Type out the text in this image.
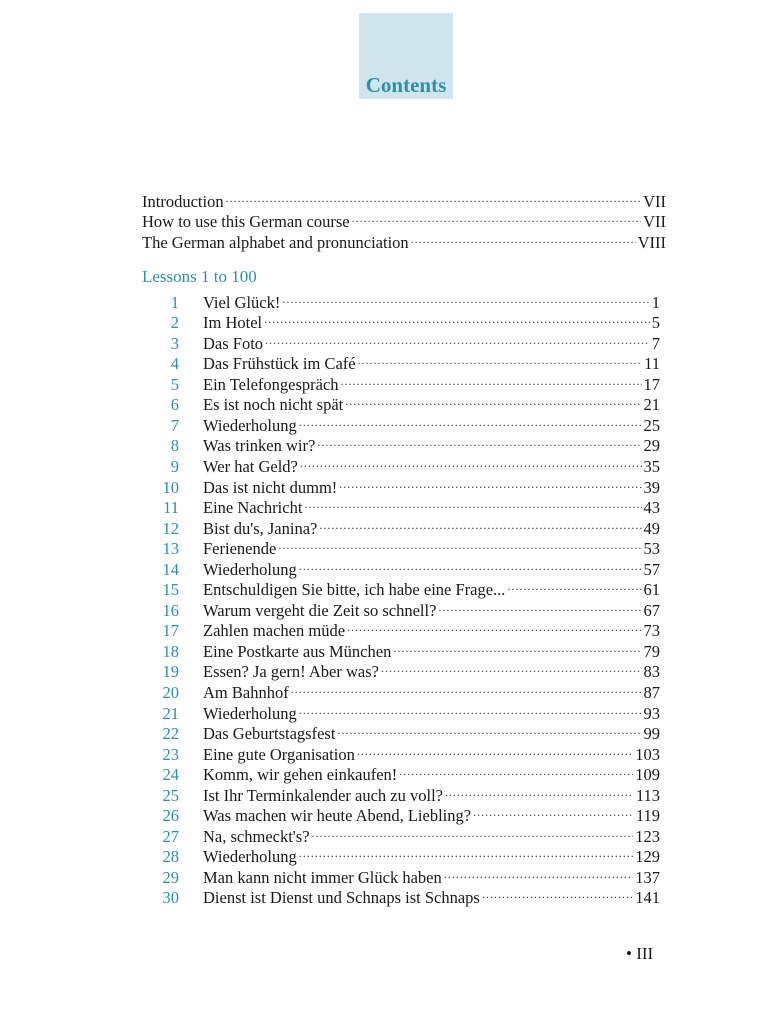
Contents
Introduction .....	VII
How to use this German course .....	VII
The German alphabet and pronunciation .....	VIII
Lessons 1 to 100
1 Viel Glück! .....	1
2 Im Hotel .....	5
3 Das Foto .....	7
4 Das Frühstück im Café .....	11
5 Ein Telefongespräch .....	17
6 Es ist noch nicht spät .....	21
7 Wiederholung .....	25
8 Was trinken wir? .....	29
9 Wer hat Geld? .....	35
10 Das ist nicht dumm! .....	39
11 Eine Nachricht .....	43
12 Bist du's, Janina? .....	49
13 Ferienende .....	53
14 Wiederholung .....	57
15 Entschuldigen Sie bitte, ich habe eine Frage... .....	61
16 Warum vergeht die Zeit so schnell? .....	67
17 Zahlen machen müde .....	73
18 Eine Postkarte aus München .....	79
19 Essen? Ja gern! Aber was? .....	83
20 Am Bahnhof .....	87
21 Wiederholung .....	93
22 Das Geburtstagsfest .....	99
23 Eine gute Organisation .....	103
24 Komm, wir gehen einkaufen! .....	109
25 Ist Ihr Terminkalender auch zu voll? .....	113
26 Was machen wir heute Abend, Liebling? .....	119
27 Na, schmeckt's? .....	123
28 Wiederholung .....	129
29 Man kann nicht immer Glück haben .....	137
30 Dienst ist Dienst und Schnaps ist Schnaps .....	141
• III
